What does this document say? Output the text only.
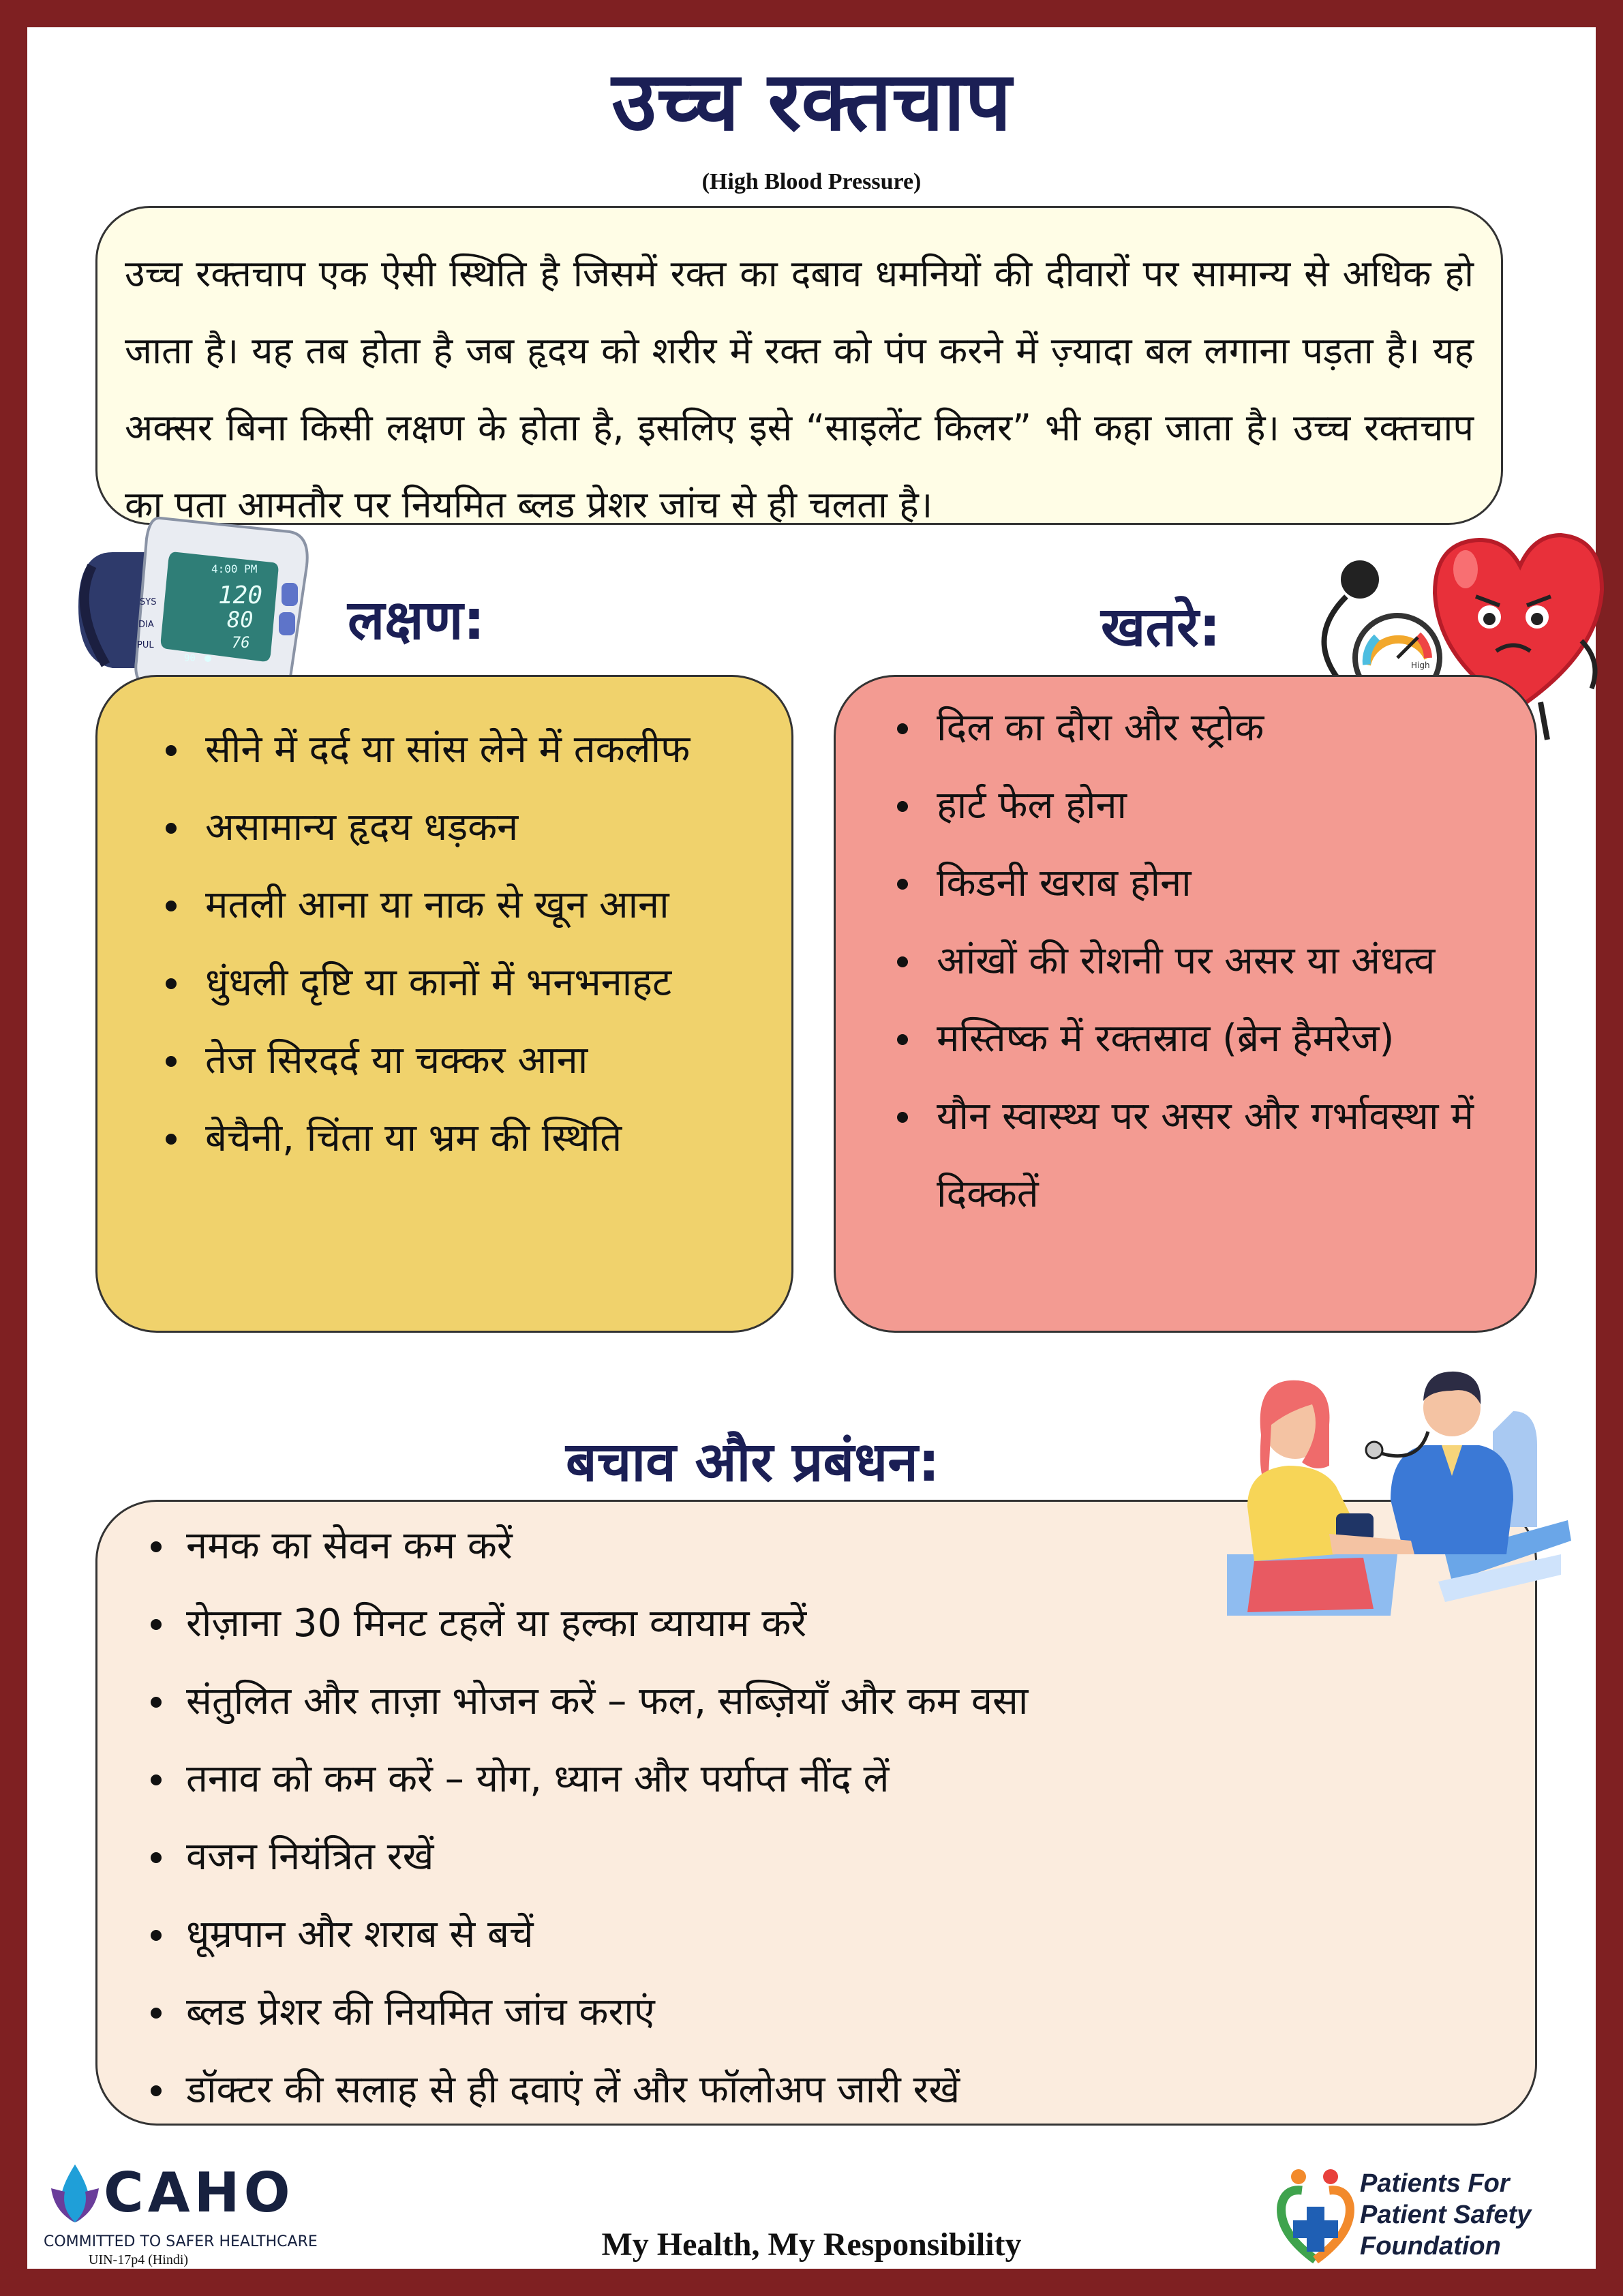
उच्च रक्तचाप
(High Blood Pressure)
उच्च रक्तचाप एक ऐसी स्थिति है जिसमें रक्त का दबाव धमनियों की दीवारों पर सामान्य से अधिक हो जाता है। यह तब होता है जब हृदय को शरीर में रक्त को पंप करने में ज़्यादा बल लगाना पड़ता है। यह अक्सर बिना किसी लक्षण के होता है, इसलिए इसे “साइलेंट किलर” भी कहा जाता है। उच्च रक्तचाप का पता आमतौर पर नियमित ब्लड प्रेशर जांच से ही चलता है।
4:00 PM
SYS
DIA
PUL
120
80
76
90
लक्षण:
High
खतरे:
सीने में दर्द या सांस लेने में तकलीफ
असामान्य हृदय धड़कन
मतली आना या नाक से खून आना
धुंधली दृष्टि या कानों में भनभनाहट
तेज सिरदर्द या चक्कर आना
बेचैनी, चिंता या भ्रम की स्थिति
दिल का दौरा और स्ट्रोक
हार्ट फेल होना
किडनी खराब होना
आंखों की रोशनी पर असर या अंधत्व
मस्तिष्क में रक्तस्राव (ब्रेन हैमरेज)
यौन स्वास्थ्य पर असर और गर्भावस्था में दिक्कतें
बचाव और प्रबंधन:
नमक का सेवन कम करें
रोज़ाना 30 मिनट टहलें या हल्का व्यायाम करें
संतुलित और ताज़ा भोजन करें – फल, सब्ज़ियाँ और कम वसा
तनाव को कम करें – योग, ध्यान और पर्याप्त नींद लें
वजन नियंत्रित रखें
धूम्रपान और शराब से बचें
ब्लड प्रेशर की नियमित जांच कराएं
डॉक्टर की सलाह से ही दवाएं लें और फॉलोअप जारी रखें
CAHO
COMMITTED TO SAFER HEALTHCARE
UIN-17p4 (Hindi)	My Health, My Responsibility
Patients For
Patient Safety
Foundation
